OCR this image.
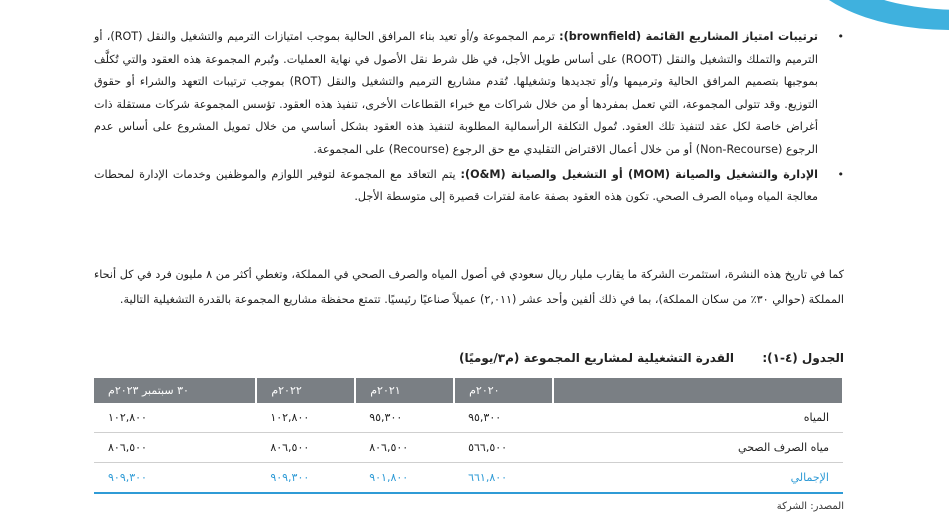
• ترتيبات امتياز المشاريع القائمة (brownfield): ترمم المجموعة و/أو تعيد بناء المرافق الحالية بموجب امتيازات الترميم والتشغيل والنقل (ROT)، أو الترميم والتملك والتشغيل والنقل (ROOT) على أساس طويل الأجل، في ظل شرط نقل الأصول في نهاية العمليات. وتُبرم المجموعة هذه العقود والتي تُكلَّف بموجبها بتصميم المرافق الحالية وترميمها و/أو تجديدها وتشغيلها. تُقدم مشاريع الترميم والتشغيل والنقل (ROT) بموجب ترتيبات التعهد والشراء أو حقوق التوزيع. وقد تتولى المجموعة، التي تعمل بمفردها أو من خلال شراكات مع خبراء القطاعات الأخرى، تنفيذ هذه العقود. تؤسس المجموعة شركات مستقلة ذات أغراض خاصة لكل عقد لتنفيذ تلك العقود. تُمول التكلفة الرأسمالية المطلوبة لتنفيذ هذه العقود بشكل أساسي من خلال تمويل المشروع على أساس عدم الرجوع (Non-Recourse) أو من خلال أعمال الاقتراض التقليدي مع حق الرجوع (Recourse) على المجموعة.
• الإدارة والتشغيل والصيانة (MOM) أو التشغيل والصيانة (O&M): يتم التعاقد مع المجموعة لتوفير اللوازم والموظفين وخدمات الإدارة لمحطات معالجة المياه ومياه الصرف الصحي. تكون هذه العقود بصفة عامة لفترات قصيرة إلى متوسطة الأجل.
كما في تاريخ هذه النشرة، استثمرت الشركة ما يقارب مليار ريال سعودي في أصول المياه والصرف الصحي في المملكة، وتغطي أكثر من ٨ مليون فرد في كل أنحاء المملكة (حوالي ٣٠٪ من سكان المملكة)، بما في ذلك ألفين وأحد عشر (٢,٠١١) عميلاً صناعيًا رئيسيًا. تتمتع محفظة مشاريع المجموعة بالقدرة التشغيلية التالية.
الجدول (٤-١):
القدرة التشغيلية لمشاريع المجموعة (م٣/يوميًا)
	٢٠٢٠م	٢٠٢١م	٢٠٢٢م	٣٠ سبتمبر ٢٠٢٣م
المياه	٩٥,٣٠٠	٩٥,٣٠٠	١٠٢,٨٠٠	١٠٢,٨٠٠
مياه الصرف الصحي	٥٦٦,٥٠٠	٨٠٦,٥٠٠	٨٠٦,٥٠٠	٨٠٦,٥٠٠
الإجمالي	٦٦١,٨٠٠	٩٠١,٨٠٠	٩٠٩,٣٠٠	٩٠٩,٣٠٠
المصدر: الشركة
